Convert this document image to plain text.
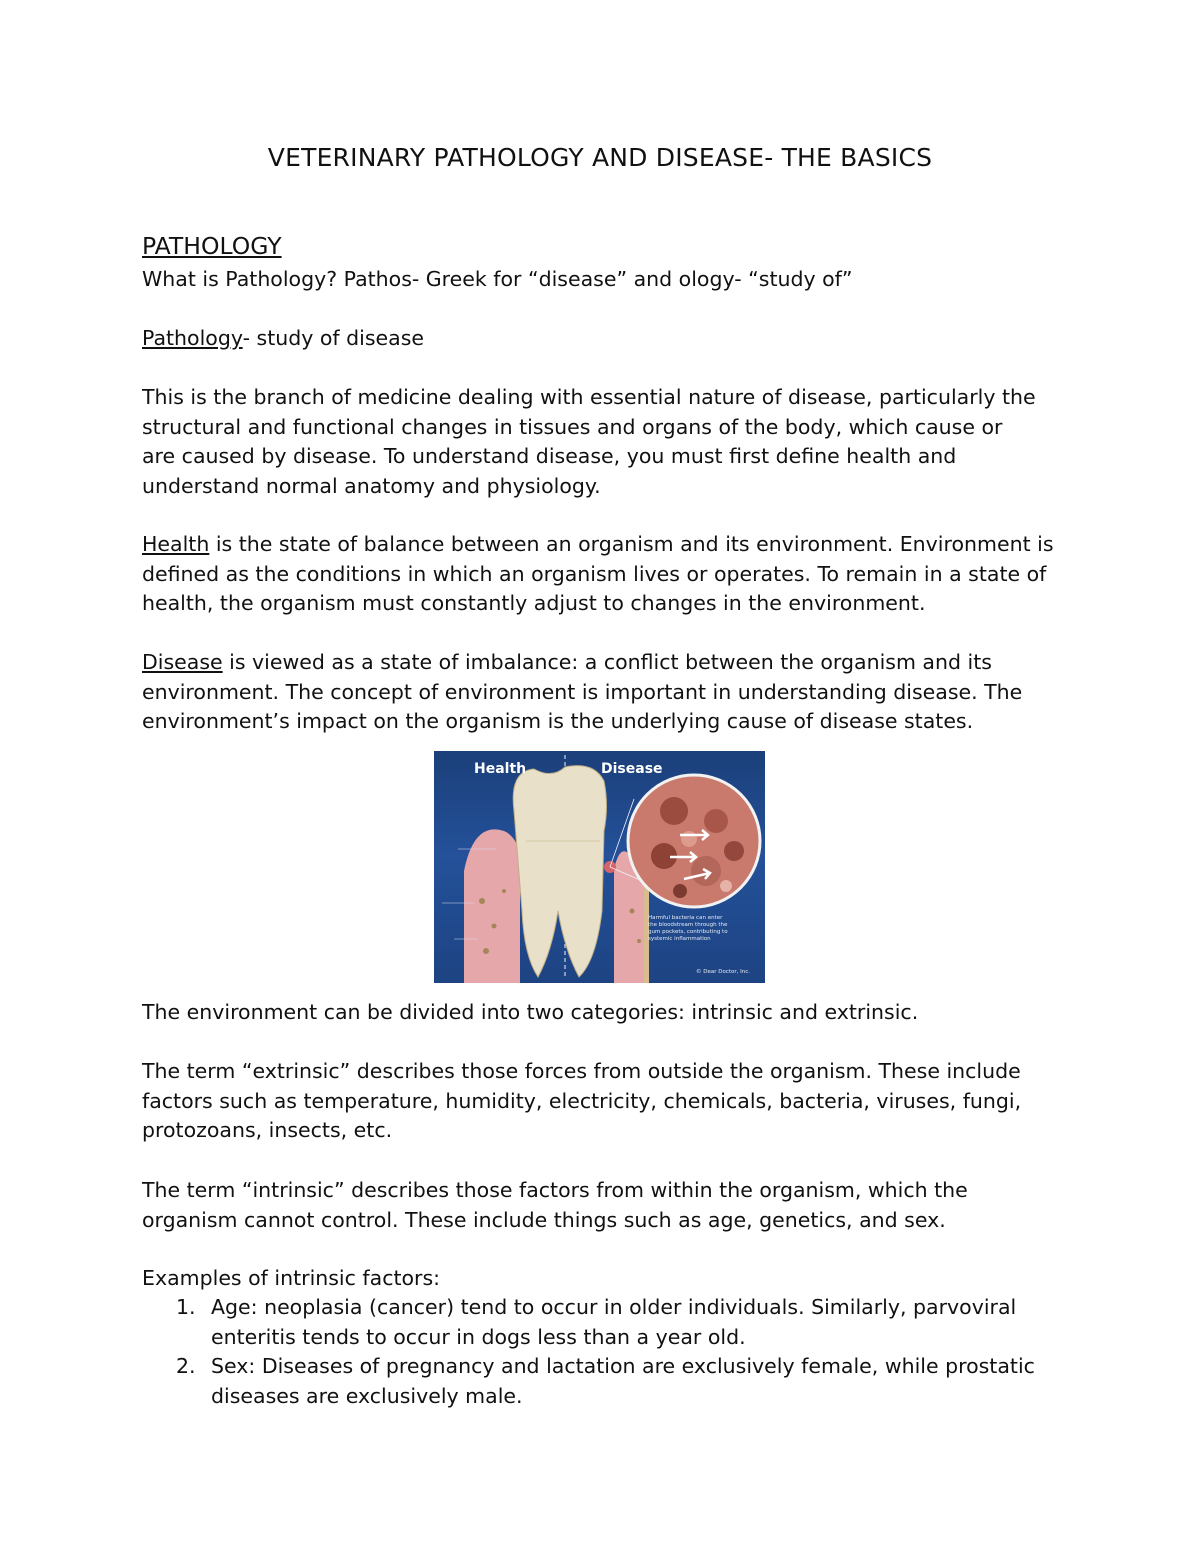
VETERINARY PATHOLOGY AND DISEASE- THE BASICS
PATHOLOGY

What is Pathology? Pathos- Greek for “disease” and ology- “study of”

Pathology- study of disease

This is the branch of medicine dealing with essential nature of disease, particularly the structural and functional changes in tissues and organs of the body, which cause or are caused by disease. To understand disease, you must first define health and understand normal anatomy and physiology.

Health is the state of balance between an organism and its environment. Environment is defined as the conditions in which an organism lives or operates. To remain in a state of health, the organism must constantly adjust to changes in the environment.

Disease is viewed as a state of imbalance: a conflict between the organism and its environment. The concept of environment is important in understanding disease. The environment’s impact on the organism is the underlying cause of disease states.

Health	Disease
Harmful bacteria can enter the bloodstream through the gum pockets, contributing to systemic inflammation
© Dear Doctor, Inc.

The environment can be divided into two categories: intrinsic and extrinsic.

The term “extrinsic” describes those forces from outside the organism. These include factors such as temperature, humidity, electricity, chemicals, bacteria, viruses, fungi, protozoans, insects, etc.

The term “intrinsic” describes those factors from within the organism, which the organism cannot control. These include things such as age, genetics, and sex.

Examples of intrinsic factors:

1. Age: neoplasia (cancer) tend to occur in older individuals. Similarly, parvoviral enteritis tends to occur in dogs less than a year old.
2. Sex: Diseases of pregnancy and lactation are exclusively female, while prostatic diseases are exclusively male.
